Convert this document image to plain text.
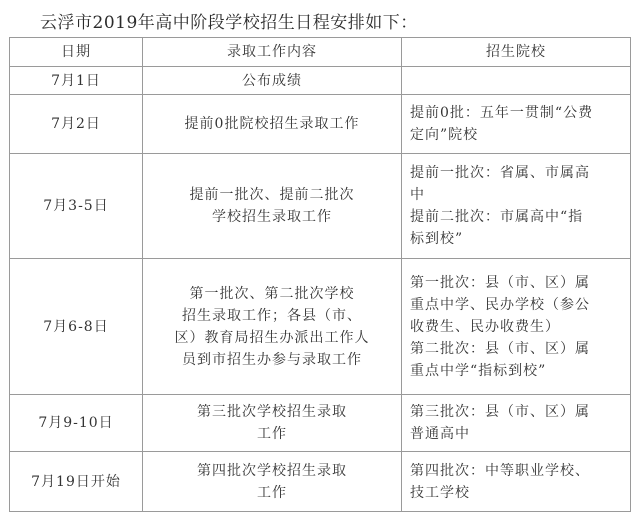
云浮市2019年高中阶段学校招生日程安排如下：
日期	录取工作内容	招生院校
7月1日	公布成绩	

7月2日	提前0批院校招生录取工作	提前0批：五年一贯制“公费
定向”院校

7月3-5日	提前一批次、提前二批次
学校招生录取工作	提前一批次：省属、市属高
中
提前二批次：市属高中“指
标到校”

7月6-8日	第一批次、第二批次学校
招生录取工作；各县（市、
区）教育局招生办派出工作人
员到市招生办参与录取工作	第一批次：县（市、区）属
重点中学、民办学校（参公
收费生、民办收费生）
第二批次：县（市、区）属
重点中学“指标到校”

7月9-10日	第三批次学校招生录取
工作	第三批次：县（市、区）属
普通高中

7月19日开始	第四批次学校招生录取
工作	第四批次：中等职业学校、
技工学校
